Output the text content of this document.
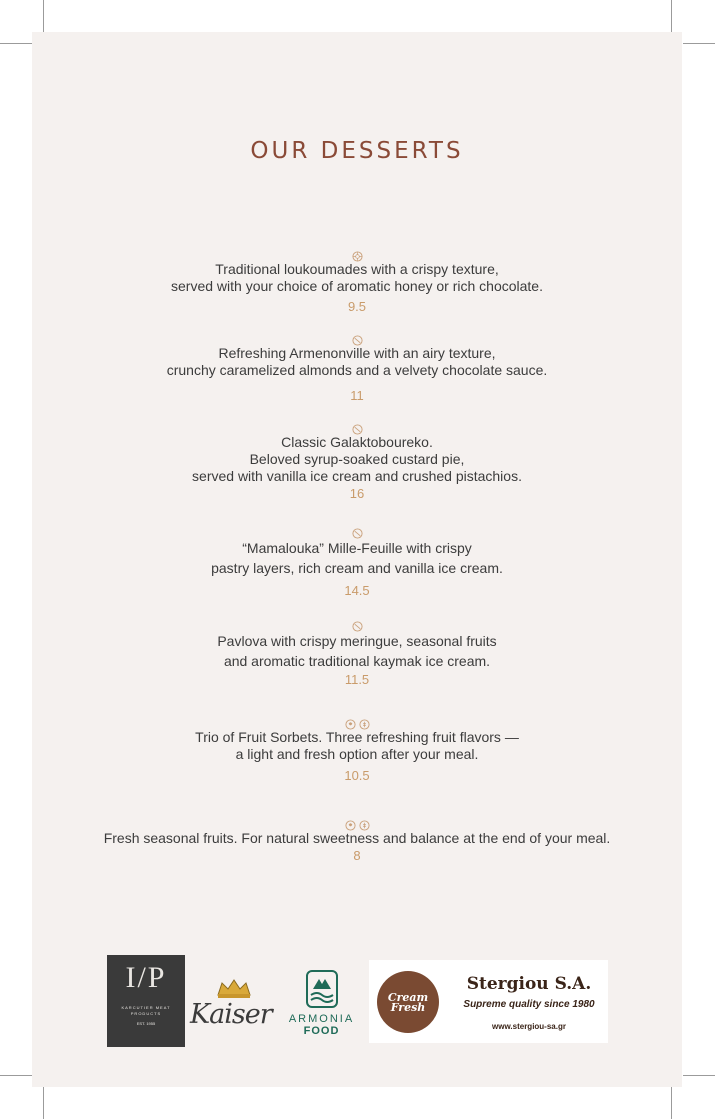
OUR DESSERTS
Traditional loukoumades with a crispy texture,
served with your choice of aromatic honey or rich chocolate.
9.5
Refreshing Armenonville with an airy texture,
crunchy caramelized almonds and a velvety chocolate sauce.
11
Classic Galaktoboureko.
Beloved syrup-soaked custard pie,
served with vanilla ice cream and crushed pistachios.
16
“Mamalouka” Mille-Feuille with crispy
pastry layers, rich cream and vanilla ice cream.
14.5
Pavlova with crispy meringue, seasonal fruits
and aromatic traditional kaymak ice cream.
11.5
Trio of Fruit Sorbets. Three refreshing fruit flavors —
a light and fresh option after your meal.
10.5
Fresh seasonal fruits. For natural sweetness and balance at the end of your meal.
8
I/P
KARCUTIER MEAT PRODUCTS
EST. 1955	Kaiser	ARMONIA
FOOD
Cream Fresh
Stergiou S.A.
Supreme quality since 1980
www.stergiou-sa.gr
